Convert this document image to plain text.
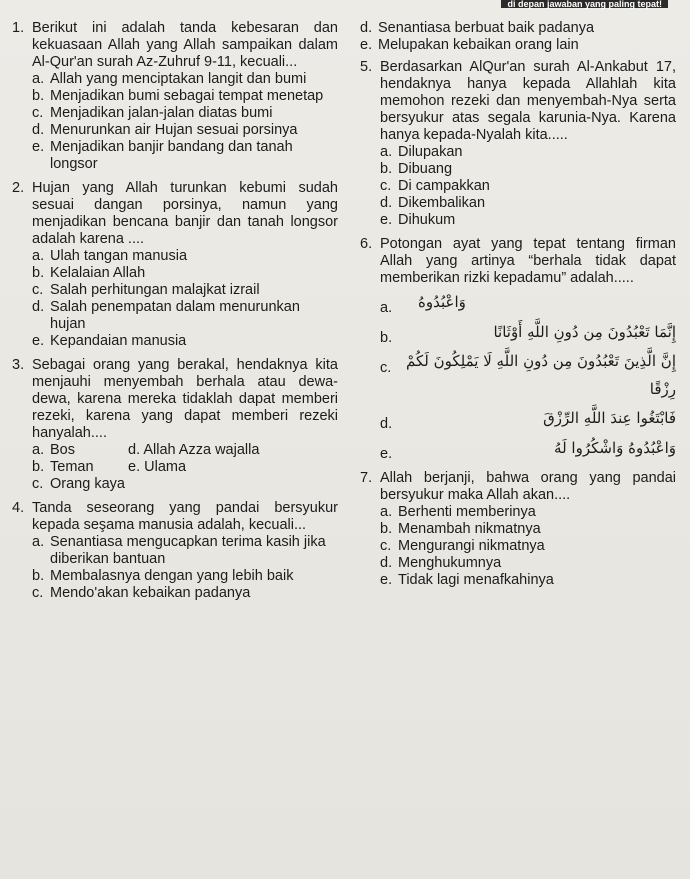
di depan jawaban yang paling tepat!
1. Berikut ini adalah tanda kebesaran dan kekuasaan Allah yang Allah sampaikan dalam Al-Qur'an surah Az-Zuhruf 9-11, kecuali...
a. Allah yang menciptakan langit dan bumi
b. Menjadikan bumi sebagai tempat menetap
c. Menjadikan jalan-jalan diatas bumi
d. Menurunkan air Hujan sesuai porsinya
e. Menjadikan banjir bandang dan tanah longsor
2. Hujan yang Allah turunkan kebumi sudah sesuai dangan porsinya, namun yang menjadikan bencana banjir dan tanah longsor adalah karena ....
a. Ulah tangan manusia
b. Kelalaian Allah
c. Salah perhitungan malajkat izrail
d. Salah penempatan dalam menurunkan hujan
e. Kepandaian manusia
3. Sebagai orang yang berakal, hendaknya kita menjauhi menyembah berhala atau dewa-dewa, karena mereka tidaklah dapat memberi rezeki, karena yang dapat memberi rezeki hanyalah....
a. Bos	d. Allah Azza wajalla
b. Teman	e. Ulama
c. Orang kaya
4. Tanda seseorang yang pandai bersyukur kepada seşama manusia adalah, kecuali...
a. Senantiasa mengucapkan terima kasih jika diberikan bantuan
b. Membalasnya dengan yang lebih baik
c. Mendo'akan kebaikan padanya
d. Senantiasa berbuat baik padanya
e. Melupakan kebaikan orang lain
5. Berdasarkan AlQur'an surah Al-Ankabut 17, hendaknya hanya kepada Allahlah kita memohon rezeki dan menyembah-Nya serta bersyukur atas segala karunia-Nya. Karena hanya kepada-Nyalah kita.....
a. Dilupakan
b. Dibuang
c. Di campakkan
d. Dikembalikan
e. Dihukum
6. Potongan ayat yang tepat tentang firman Allah yang artinya “berhala tidak dapat memberikan rizki kepadamu” adalah.....
a.	وَاعْبُدُوهُ
b.	إِنَّمَا تَعْبُدُونَ مِن دُونِ اللَّهِ أَوْثَانًا
c. إِنَّ الَّذِينَ تَعْبُدُونَ مِن دُونِ اللَّهِ لَا يَمْلِكُونَ لَكُمْ رِزْقًا
d.	فَابْتَغُوا عِندَ اللَّهِ الرِّزْقَ
e.	وَاعْبُدُوهُ وَاشْكُرُوا لَهُ
7. Allah berjanji, bahwa orang yang pandai bersyukur maka Allah akan....
a. Berhenti memberinya
b. Menambah nikmatnya
c. Mengurangi nikmatnya
d. Menghukumnya
e. Tidak lagi menafkahinya
